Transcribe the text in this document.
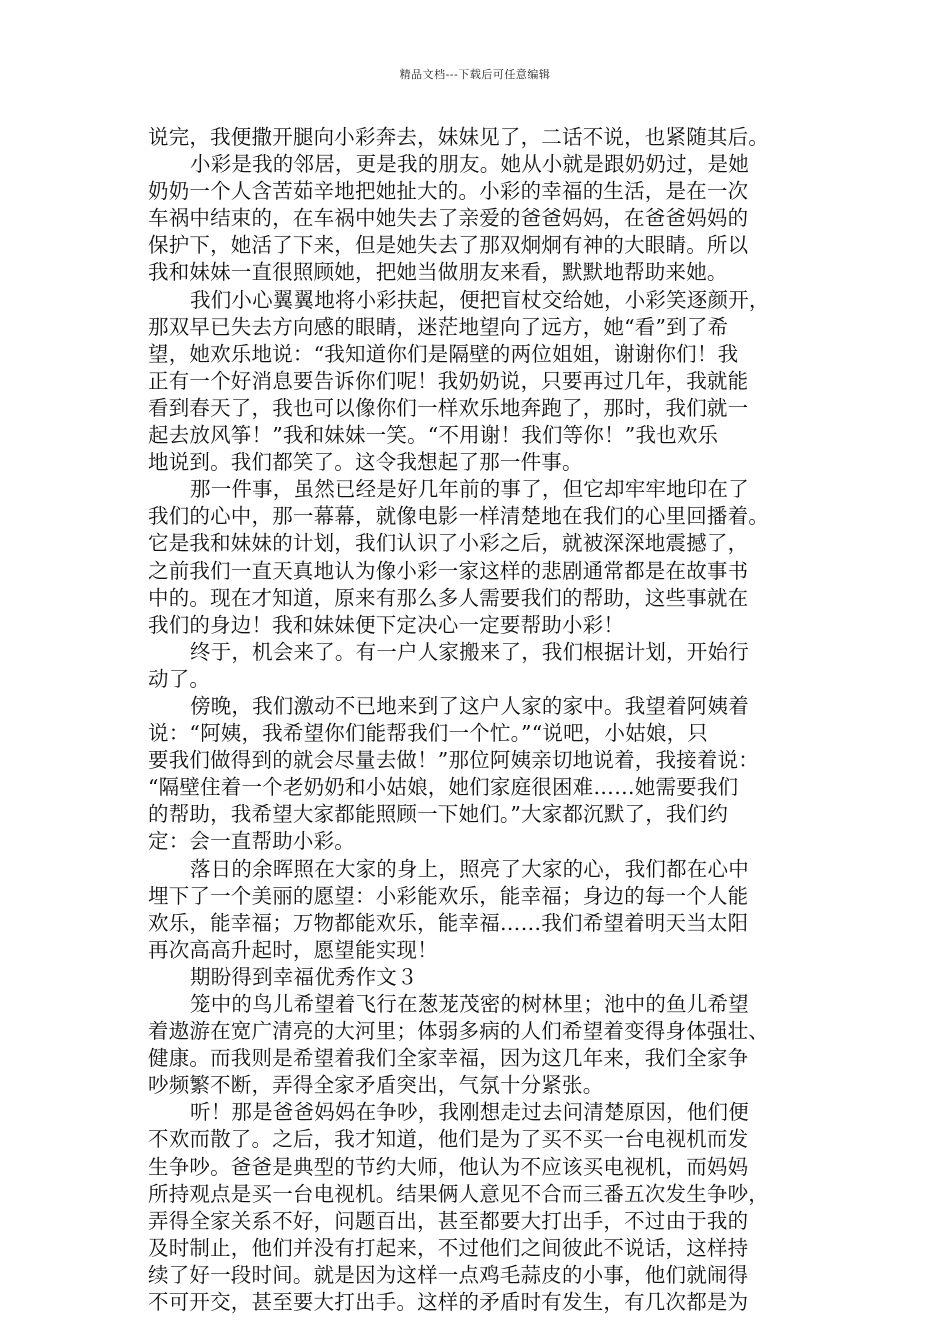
精品文档---下载后可任意编辑
说完，我便撒开腿向小彩奔去，妹妹见了，二话不说，也紧随其后。
小彩是我的邻居，更是我的朋友。她从小就是跟奶奶过，是她
奶奶一个人含苦茹辛地把她扯大的。小彩的幸福的生活，是在一次
车祸中结束的，在车祸中她失去了亲爱的爸爸妈妈，在爸爸妈妈的
保护下，她活了下来，但是她失去了那双炯炯有神的大眼睛。所以
我和妹妹一直很照顾她，把她当做朋友来看，默默地帮助来她。
我们小心翼翼地将小彩扶起，便把盲杖交给她，小彩笑逐颜开，
那双早已失去方向感的眼睛，迷茫地望向了远方，她“看”到了希
望，她欢乐地说：“我知道你们是隔壁的两位姐姐，谢谢你们！我
正有一个好消息要告诉你们呢！我奶奶说，只要再过几年，我就能
看到春天了，我也可以像你们一样欢乐地奔跑了，那时，我们就一
起去放风筝！”我和妹妹一笑。“不用谢！我们等你！”我也欢乐
地说到。我们都笑了。这令我想起了那一件事。
那一件事，虽然已经是好几年前的事了，但它却牢牢地印在了
我们的心中，那一幕幕，就像电影一样清楚地在我们的心里回播着。
它是我和妹妹的计划，我们认识了小彩之后，就被深深地震撼了，
之前我们一直天真地认为像小彩一家这样的悲剧通常都是在故事书
中的。现在才知道，原来有那么多人需要我们的帮助，这些事就在
我们的身边！我和妹妹便下定决心一定要帮助小彩！
终于，机会来了。有一户人家搬来了，我们根据计划，开始行
动了。
傍晚，我们激动不已地来到了这户人家的家中。我望着阿姨着
说：“阿姨，我希望你们能帮我们一个忙。”“说吧，小姑娘，只
要我们做得到的就会尽量去做！”那位阿姨亲切地说着，我接着说：
“隔壁住着一个老奶奶和小姑娘，她们家庭很困难……她需要我们
的帮助，我希望大家都能照顾一下她们。”大家都沉默了，我们约
定：会一直帮助小彩。
落日的余晖照在大家的身上，照亮了大家的心，我们都在心中
埋下了一个美丽的愿望：小彩能欢乐，能幸福；身边的每一个人能
欢乐，能幸福；万物都能欢乐，能幸福……我们希望着明天当太阳
再次高高升起时，愿望能实现！
期盼得到幸福优秀作文３
笼中的鸟儿希望着飞行在葱茏茂密的树林里；池中的鱼儿希望
着遨游在宽广清亮的大河里；体弱多病的人们希望着变得身体强壮、
健康。而我则是希望着我们全家幸福，因为这几年来，我们全家争
吵频繁不断，弄得全家矛盾突出，气氛十分紧张。
听！那是爸爸妈妈在争吵，我刚想走过去问清楚原因，他们便
不欢而散了。之后，我才知道，他们是为了买不买一台电视机而发
生争吵。爸爸是典型的节约大师，他认为不应该买电视机，而妈妈
所持观点是买一台电视机。结果俩人意见不合而三番五次发生争吵，
弄得全家关系不好，问题百出，甚至都要大打出手，不过由于我的
及时制止，他们并没有打起来，不过他们之间彼此不说话，这样持
续了好一段时间。就是因为这样一点鸡毛蒜皮的小事，他们就闹得
不可开交，甚至要大打出手。这样的矛盾时有发生，有几次都是为
